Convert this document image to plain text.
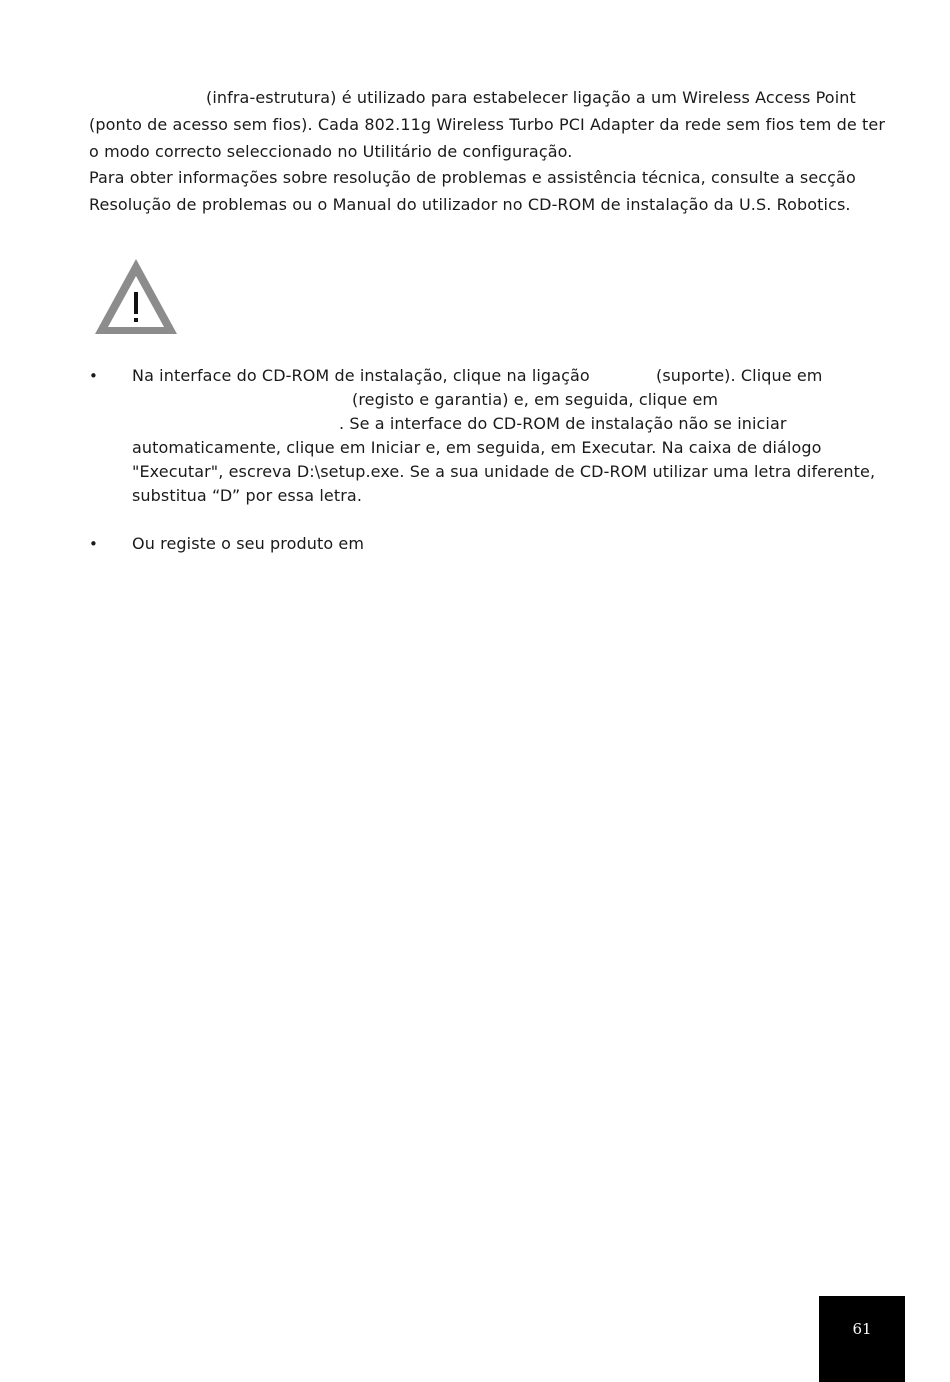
(infra-estrutura) é utilizado para estabelecer ligação a um Wireless Access Point
(ponto de acesso sem fios). Cada 802.11g Wireless Turbo PCI Adapter da rede sem fios tem de ter
o modo correcto seleccionado no Utilitário de configuração.
Para obter informações sobre resolução de problemas e assistência técnica, consulte a secção
Resolução de problemas ou o Manual do utilizador no CD-ROM de instalação da U.S. Robotics.
• Na interface do CD-ROM de instalação, clique na ligação	(suporte). Clique em
(registo e garantia) e, em seguida, clique em
. Se a interface do CD-ROM de instalação não se iniciar
automaticamente, clique em Iniciar e, em seguida, em Executar. Na caixa de diálogo
"Executar", escreva D:\setup.exe. Se a sua unidade de CD-ROM utilizar uma letra diferente,
substitua “D” por essa letra.
• Ou registe o seu produto em
61
